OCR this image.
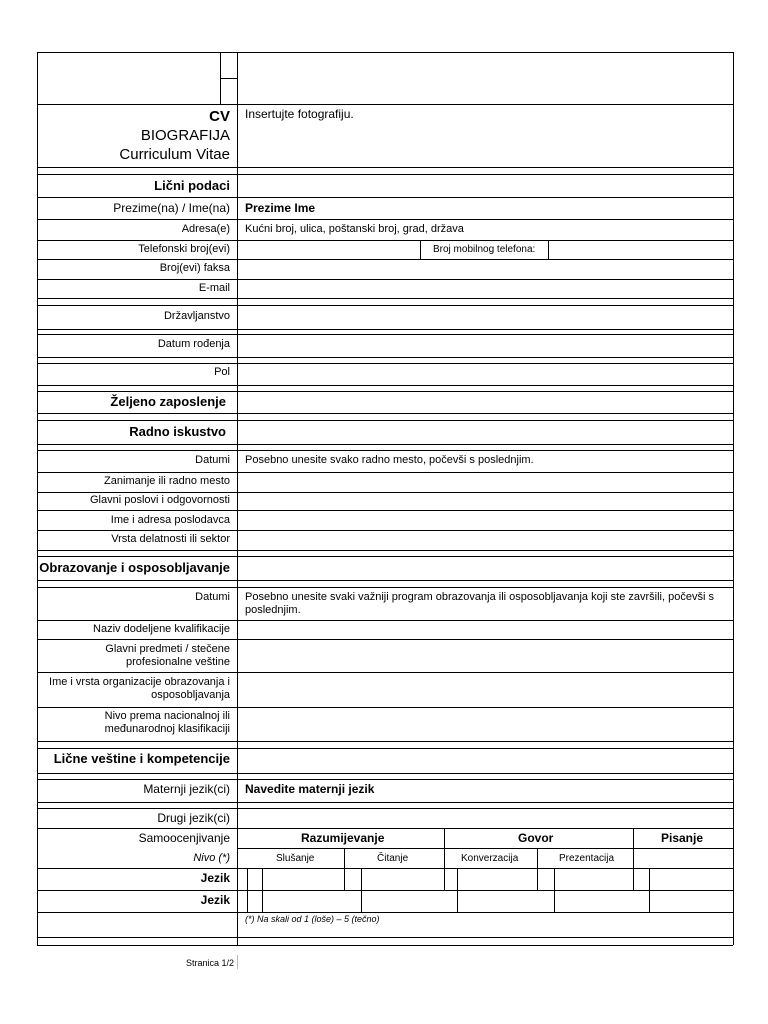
CV
BIOGRAFIJA
Curriculum Vitae
Insertujte fotografiju.
Lični podaci
Prezime(na) / Ime(na) Prezime Ime
Adresa(e) Kućni broj, ulica, poštanski broj, grad, država
Telefonski broj(evi)	Broj mobilnog telefona:
Broj(evi) faksa
E-mail
Državljanstvo
Datum rođenja
Pol
Željeno zaposlenje
Radno iskustvo
Datumi Posebno unesite svako radno mesto, počevši s poslednjim.
Zanimanje ili radno mesto
Glavni poslovi i odgovornosti
Ime i adresa poslodavca
Vrsta delatnosti ili sektor
Obrazovanje i osposobljavanje
Datumi Posebno unesite svaki važniji program obrazovanja ili osposobljavanja koji ste završili, počevši s poslednjim.
Naziv dodeljene kvalifikacije
Glavni predmeti / stečene profesionalne veštine
Ime i vrsta organizacije obrazovanja i osposobljavanja
Nivo prema nacionalnoj ili međunarodnoj klasifikaciji
Lične veštine i kompetencije
Maternji jezik(ci) Navedite maternji jezik
Drugi jezik(ci)
Samoocenjivanje	Razumijevanje	Govor	Pisanje
Nivo (*)	Slušanje	Čitanje	Konverzacija	Prezentacija
Jezik
Jezik
(*) Na skali od 1 (loše) – 5 (tečno)
Stranica 1/2
